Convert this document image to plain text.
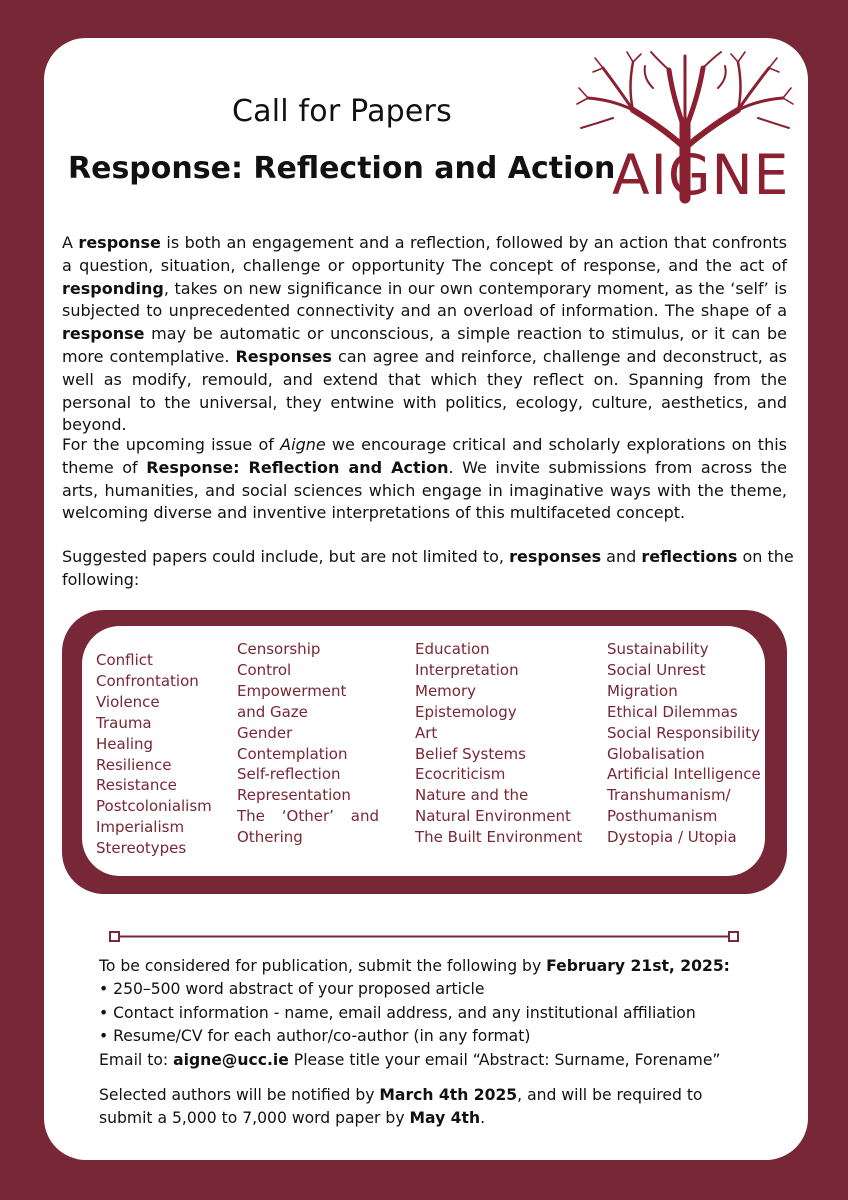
Call for Papers
Response: Reflection and Action
AIGNE

A response is both an engagement and a reflection, followed by an action that confronts a question, situation, challenge or opportunity The concept of response, and the act of responding, takes on new significance in our own contemporary moment, as the ‘self’ is subjected to unprecedented connectivity and an overload of information. The shape of a response may be automatic or unconscious, a simple reaction to stimulus, or it can be more contemplative. Responses can agree and reinforce, challenge and deconstruct, as well as modify, remould, and extend that which they reflect on. Spanning from the personal to the universal, they entwine with politics, ecology, culture, aesthetics, and beyond.

For the upcoming issue of Aigne we encourage critical and scholarly explorations on this theme of Response: Reflection and Action. We invite submissions from across the arts, humanities, and social sciences which engage in imaginative ways with the theme, welcoming diverse and inventive interpretations of this multifaceted concept.

Suggested papers could include, but are not limited to, responses and reflections on the following:

Conflict
Confrontation
Violence
Trauma
Healing
Resilience
Resistance
Postcolonialism
Imperialism
Stereotypes
Censorship
Control
Empowerment and Gaze
Gender
Contemplation
Self-reflection
Representation
The ‘Other’ and Othering
Education
Interpretation
Memory
Epistemology
Art
Belief Systems
Ecocriticism
Nature and the
Natural Environment
The Built Environment
Sustainability
Social Unrest
Migration
Ethical Dilemmas
Social Responsibility
Globalisation
Artificial Intelligence
Transhumanism/
Posthumanism
Dystopia / Utopia

To be considered for publication, submit the following by February 21st, 2025:

• 250–500 word abstract of your proposed article

• Contact information - name, email address, and any institutional affiliation

• Resume/CV for each author/co-author (in any format)

Email to: aigne@ucc.ie Please title your email “Abstract: Surname, Forename”

Selected authors will be notified by March 4th 2025, and will be required to submit a 5,000 to 7,000 word paper by May 4th.
